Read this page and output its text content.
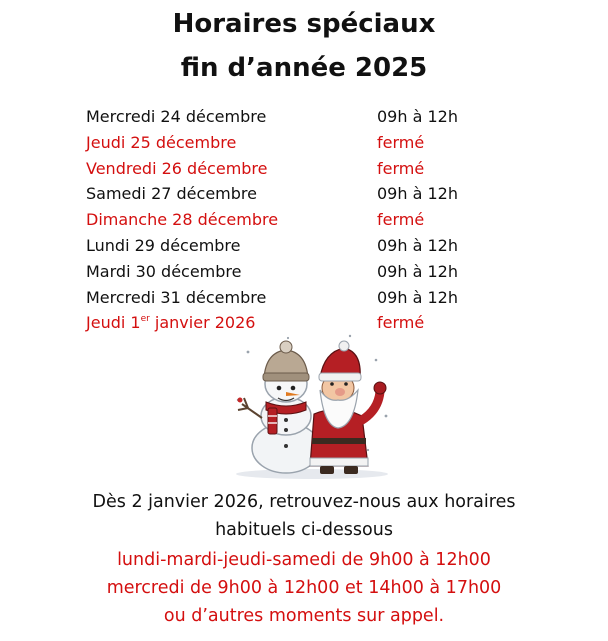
Horaires spéciaux
fin d’année 2025
Mercredi 24 décembre	09h à 12h
Jeudi 25 décembre	fermé
Vendredi 26 décembre	fermé
Samedi 27 décembre	09h à 12h
Dimanche 28 décembre	fermé
Lundi 29 décembre	09h à 12h
Mardi 30 décembre	09h à 12h
Mercredi 31 décembre	09h à 12h
Jeudi 1er janvier 2026	fermé
Dès 2 janvier 2026, retrouvez-nous aux horaires
habituels ci-dessous
lundi-mardi-jeudi-samedi de 9h00 à 12h00
mercredi de 9h00 à 12h00 et 14h00 à 17h00
ou d’autres moments sur appel.
